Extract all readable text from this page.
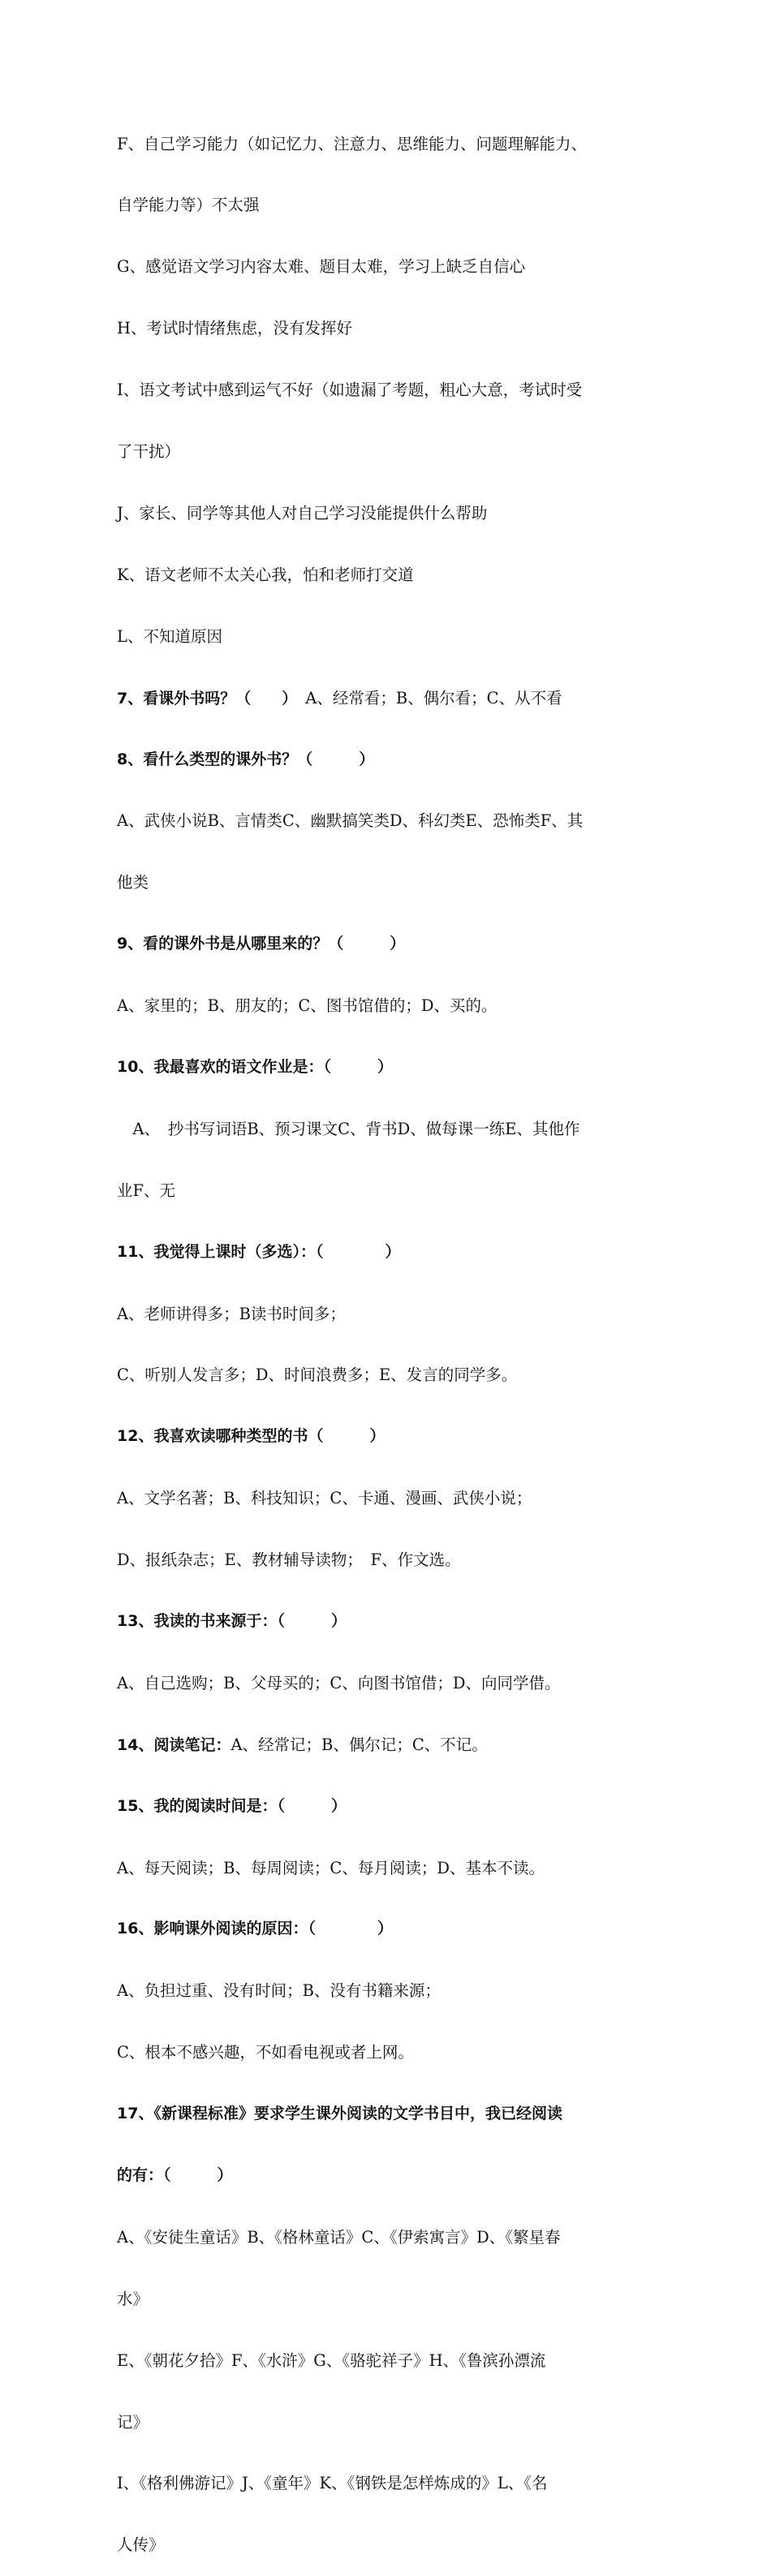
F、自己学习能力（如记忆力、注意力、思维能力、问题理解能力、

自学能力等）不太强

G、感觉语文学习内容太难、题目太难，学习上缺乏自信心

H、考试时情绪焦虑，没有发挥好

I、语文考试中感到运气不好（如遗漏了考题，粗心大意，考试时受

了干扰）

J、家长、同学等其他人对自己学习没能提供什么帮助

K、语文老师不太关心我，怕和老师打交道

L、不知道原因

7、看课外书吗？（　　）　A、经常看；B、偶尔看；C、从不看

8、看什么类型的课外书？（　　　）

A、武侠小说B、言情类C、幽默搞笑类D、科幻类E、恐怖类F、其

他类

9、看的课外书是从哪里来的？（　　　）

A、家里的；B、朋友的；C、图书馆借的；D、买的。

10、我最喜欢的语文作业是：（　　　）

　A、　抄书写词语B、预习课文C、背书D、做每课一练E、其他作

业F、无

11、我觉得上课时（多选）：（　　　　）

A、老师讲得多；B读书时间多；

C、听别人发言多；D、时间浪费多；E、发言的同学多。

12、我喜欢读哪种类型的书（　　　）

A、文学名著；B、科技知识；C、卡通、漫画、武侠小说；

D、报纸杂志；E、教材辅导读物；　F、作文选。

13、我读的书来源于：（　　　）

A、自己选购；B、父母买的；C、向图书馆借；D、向同学借。

14、阅读笔记：A、经常记；B、偶尔记；C、不记。

15、我的阅读时间是：（　　　）

A、每天阅读；B、每周阅读；C、每月阅读；D、基本不读。

16、影响课外阅读的原因：（　　　　）

A、负担过重、没有时间；B、没有书籍来源；

C、根本不感兴趣，不如看电视或者上网。

17、《新课程标准》要求学生课外阅读的文学书目中，我已经阅读

的有：（　　　）

A、《安徒生童话》B、《格林童话》C、《伊索寓言》D、《繁星春

水》

E、《朝花夕拾》F、《水浒》G、《骆驼祥子》H、《鲁滨孙漂流

记》

I、《格利佛游记》J、《童年》K、《钢铁是怎样炼成的》L、《名

人传》
